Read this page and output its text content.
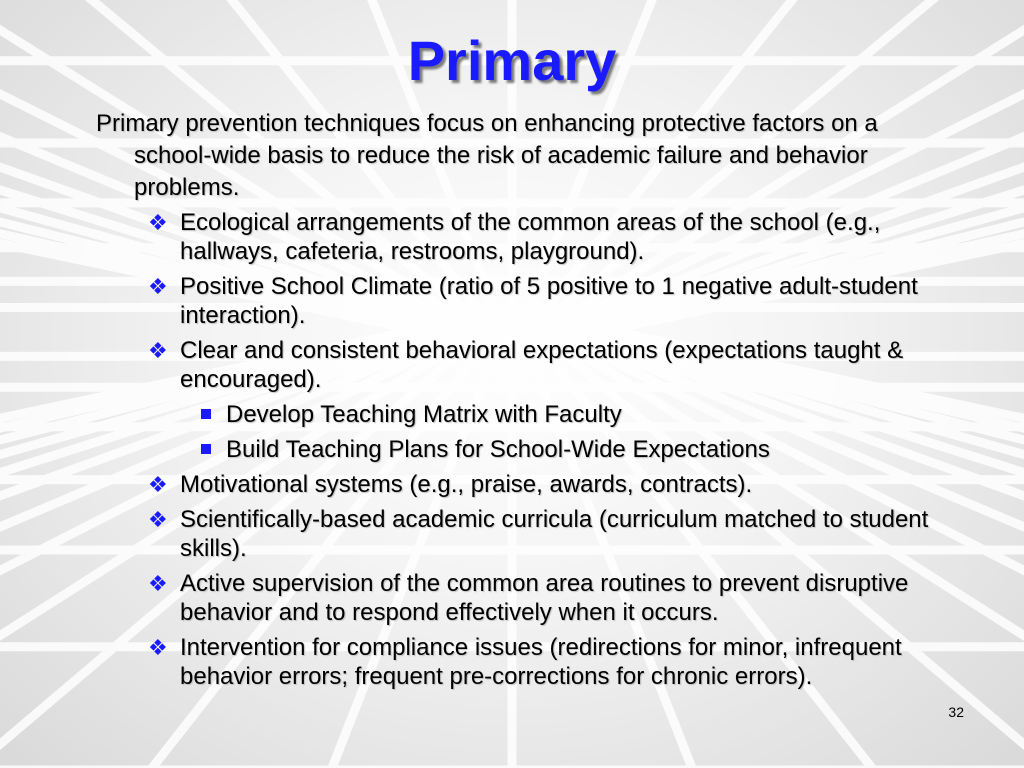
Primary

Primary prevention techniques focus on enhancing protective factors on a school-wide basis to reduce the risk of academic failure and behavior problems.

❖ Ecological arrangements of the common areas of the school (e.g., hallways, cafeteria, restrooms, playground).
❖ Positive School Climate (ratio of 5 positive to 1 negative adult-student interaction).
❖ Clear and consistent behavioral expectations (expectations taught & encouraged).
Develop Teaching Matrix with Faculty
Build Teaching Plans for School-Wide Expectations
❖ Motivational systems (e.g., praise, awards, contracts).
❖ Scientifically-based academic curricula (curriculum matched to student skills).
❖ Active supervision of the common area routines to prevent disruptive behavior and to respond effectively when it occurs.
❖ Intervention for compliance issues (redirections for minor, infrequent behavior errors; frequent pre-corrections for chronic errors).
32
